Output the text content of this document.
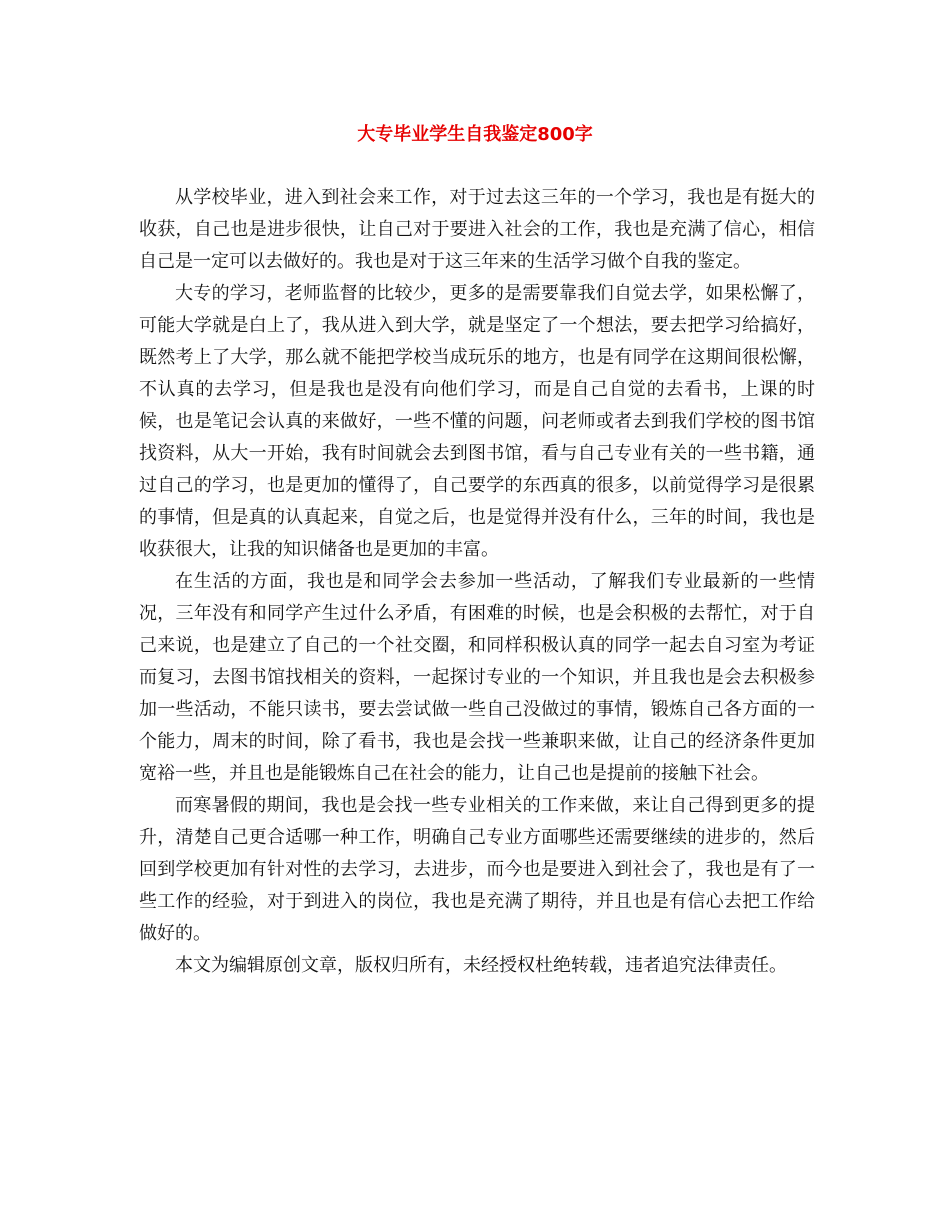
大专毕业学生自我鉴定800字

从学校毕业，进入到社会来工作，对于过去这三年的一个学习，我也是有挺大的收获，自己也是进步很快，让自己对于要进入社会的工作，我也是充满了信心，相信自己是一定可以去做好的。我也是对于这三年来的生活学习做个自我的鉴定。

大专的学习，老师监督的比较少，更多的是需要靠我们自觉去学，如果松懈了，可能大学就是白上了，我从进入到大学，就是坚定了一个想法，要去把学习给搞好，既然考上了大学，那么就不能把学校当成玩乐的地方，也是有同学在这期间很松懈，不认真的去学习，但是我也是没有向他们学习，而是自己自觉的去看书，上课的时候，也是笔记会认真的来做好，一些不懂的问题，问老师或者去到我们学校的图书馆找资料，从大一开始，我有时间就会去到图书馆，看与自己专业有关的一些书籍，通过自己的学习，也是更加的懂得了，自己要学的东西真的很多，以前觉得学习是很累的事情，但是真的认真起来，自觉之后，也是觉得并没有什么，三年的时间，我也是收获很大，让我的知识储备也是更加的丰富。

在生活的方面，我也是和同学会去参加一些活动，了解我们专业最新的一些情况，三年没有和同学产生过什么矛盾，有困难的时候，也是会积极的去帮忙，对于自己来说，也是建立了自己的一个社交圈，和同样积极认真的同学一起去自习室为考证而复习，去图书馆找相关的资料，一起探讨专业的一个知识，并且我也是会去积极参加一些活动，不能只读书，要去尝试做一些自己没做过的事情，锻炼自己各方面的一个能力，周末的时间，除了看书，我也是会找一些兼职来做，让自己的经济条件更加宽裕一些，并且也是能锻炼自己在社会的能力，让自己也是提前的接触下社会。

而寒暑假的期间，我也是会找一些专业相关的工作来做，来让自己得到更多的提升，清楚自己更合适哪一种工作，明确自己专业方面哪些还需要继续的进步的，然后回到学校更加有针对性的去学习，去进步，而今也是要进入到社会了，我也是有了一些工作的经验，对于到进入的岗位，我也是充满了期待，并且也是有信心去把工作给做好的。

本文为编辑原创文章，版权归所有，未经授权杜绝转载，违者追究法律责任。
